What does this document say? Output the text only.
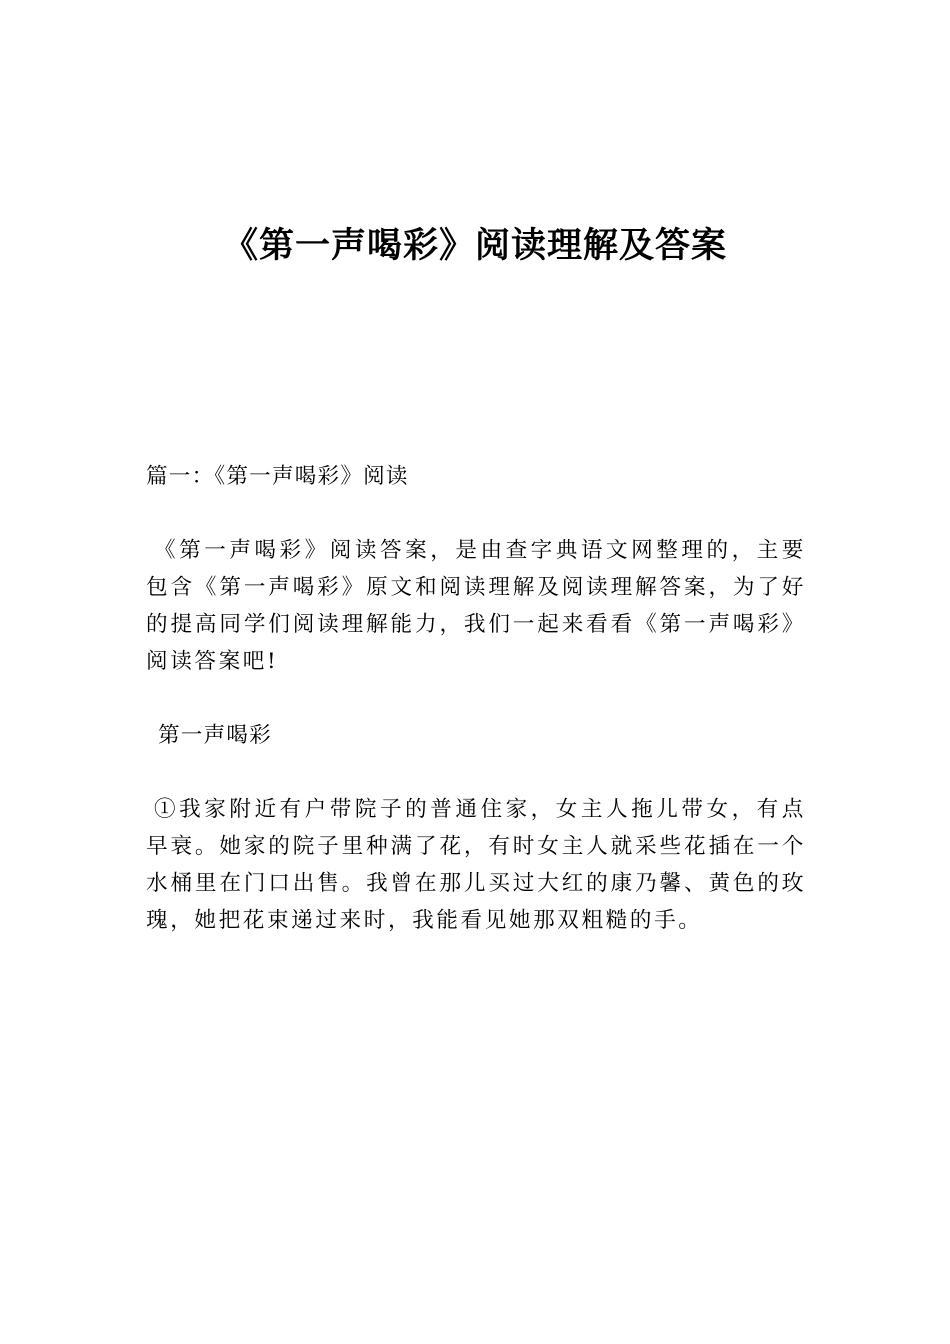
《第一声喝彩》阅读理解及答案

篇一：《第一声喝彩》阅读

《第一声喝彩》阅读答案，是由查字典语文网整理的，主要包含《第一声喝彩》原文和阅读理解及阅读理解答案，为了好的提高同学们阅读理解能力，我们一起来看看《第一声喝彩》阅读答案吧!

第一声喝彩

①我家附近有户带院子的普通住家，女主人拖儿带女，有点早衰。她家的院子里种满了花，有时女主人就采些花插在一个水桶里在门口出售。我曾在那儿买过大红的康乃馨、黄色的玫瑰，她把花束递过来时，我能看见她那双粗糙的手。
